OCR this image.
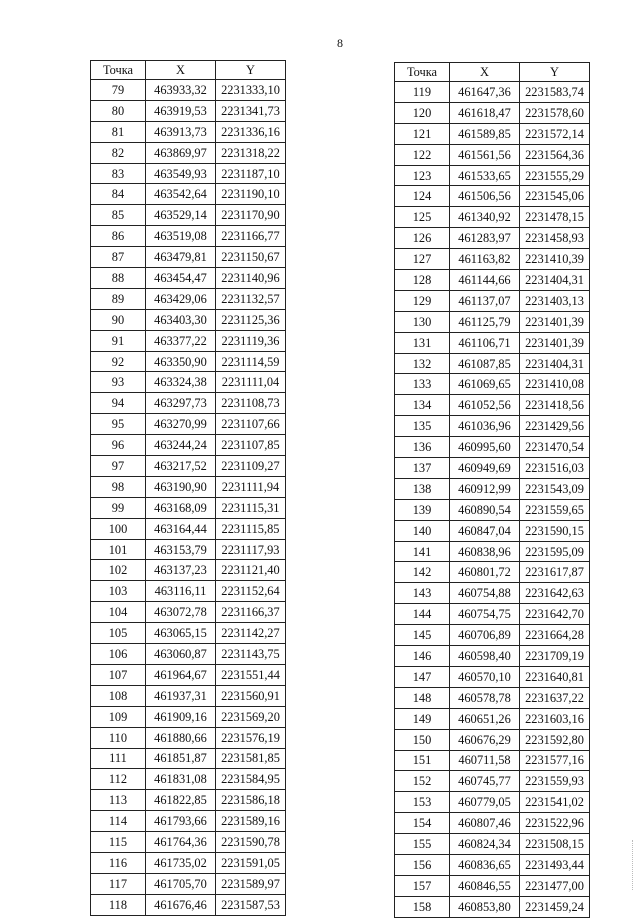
8
Точка	X	Y
79	463933,32	2231333,10
80	463919,53	2231341,73
81	463913,73	2231336,16
82	463869,97	2231318,22
83	463549,93	2231187,10
84	463542,64	2231190,10
85	463529,14	2231170,90
86	463519,08	2231166,77
87	463479,81	2231150,67
88	463454,47	2231140,96
89	463429,06	2231132,57
90	463403,30	2231125,36
91	463377,22	2231119,36
92	463350,90	2231114,59
93	463324,38	2231111,04
94	463297,73	2231108,73
95	463270,99	2231107,66
96	463244,24	2231107,85
97	463217,52	2231109,27
98	463190,90	2231111,94
99	463168,09	2231115,31
100	463164,44	2231115,85
101	463153,79	2231117,93
102	463137,23	2231121,40
103	463116,11	2231152,64
104	463072,78	2231166,37
105	463065,15	2231142,27
106	463060,87	2231143,75
107	461964,67	2231551,44
108	461937,31	2231560,91
109	461909,16	2231569,20
110	461880,66	2231576,19
111	461851,87	2231581,85
112	461831,08	2231584,95
113	461822,85	2231586,18
114	461793,66	2231589,16
115	461764,36	2231590,78
116	461735,02	2231591,05
117	461705,70	2231589,97
118	461676,46	2231587,53
Точка	X	Y
119	461647,36	2231583,74
120	461618,47	2231578,60
121	461589,85	2231572,14
122	461561,56	2231564,36
123	461533,65	2231555,29
124	461506,56	2231545,06
125	461340,92	2231478,15
126	461283,97	2231458,93
127	461163,82	2231410,39
128	461144,66	2231404,31
129	461137,07	2231403,13
130	461125,79	2231401,39
131	461106,71	2231401,39
132	461087,85	2231404,31
133	461069,65	2231410,08
134	461052,56	2231418,56
135	461036,96	2231429,56
136	460995,60	2231470,54
137	460949,69	2231516,03
138	460912,99	2231543,09
139	460890,54	2231559,65
140	460847,04	2231590,15
141	460838,96	2231595,09
142	460801,72	2231617,87
143	460754,88	2231642,63
144	460754,75	2231642,70
145	460706,89	2231664,28
146	460598,40	2231709,19
147	460570,10	2231640,81
148	460578,78	2231637,22
149	460651,26	2231603,16
150	460676,29	2231592,80
151	460711,58	2231577,16
152	460745,77	2231559,93
153	460779,05	2231541,02
154	460807,46	2231522,96
155	460824,34	2231508,15
156	460836,65	2231493,44
157	460846,55	2231477,00
158	460853,80	2231459,24
